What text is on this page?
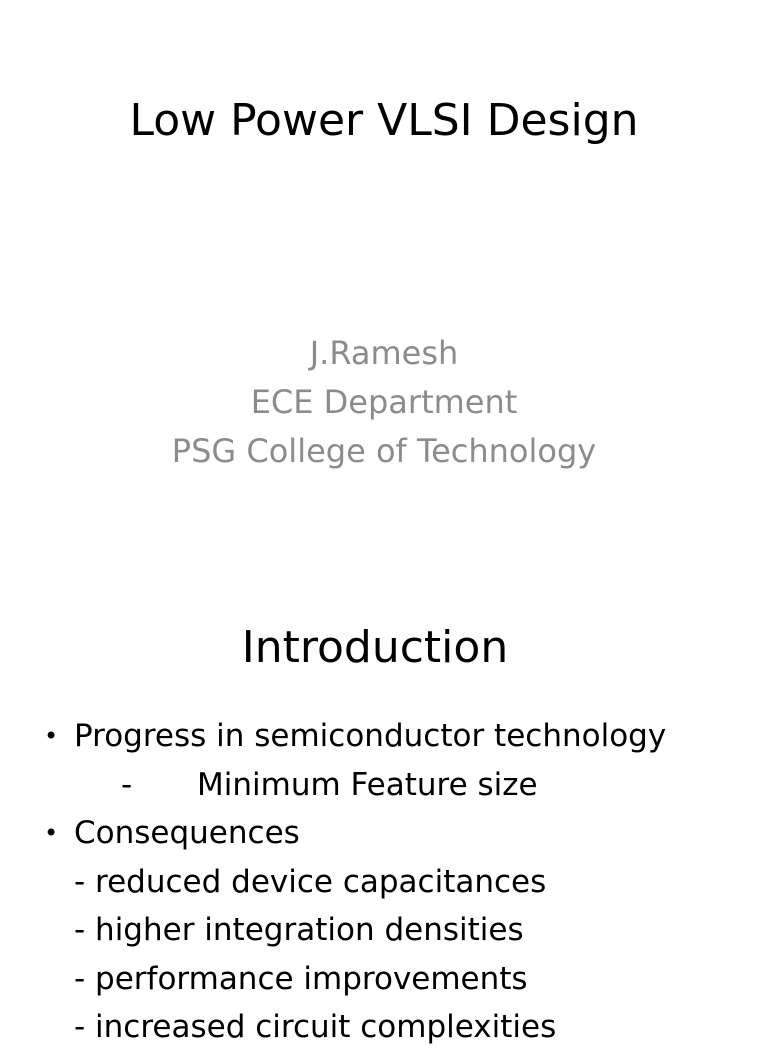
Low Power VLSI Design
J.Ramesh
ECE Department
PSG College of Technology
Introduction
• Progress in semiconductor technology
- Minimum Feature size
• Consequences
- reduced device capacitances
- higher integration densities
- performance improvements
- increased circuit complexities
